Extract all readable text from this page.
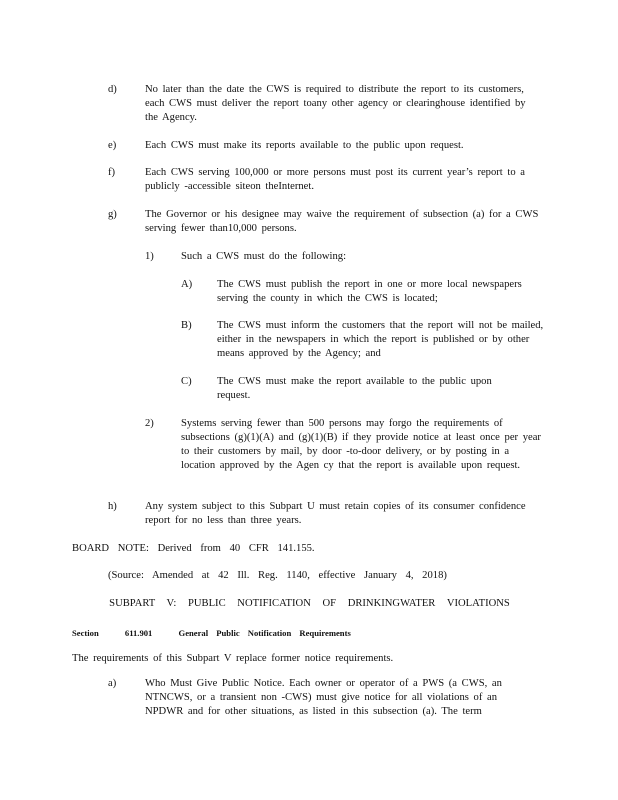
d)	No later than the date the CWS is required to distribute the report to its customers, each CWS must deliver the report toany other agency or clearinghouse identified by the Agency.
e)	Each CWS must make its reports available to the public upon request.
f)	Each CWS serving 100,000 or more persons must post its current year’s report to a publicly -accessible siteon theInternet.
g)	The Governor or his designee may waive the requirement of subsection (a) for a CWS serving fewer than10,000 persons.
1)	Such a CWS must do the following:
A) The CWS must publish the report in one or more local newspapers serving the county in which the CWS is located;
B) The CWS must inform the customers that the report will not be mailed, either in the newspapers in which the report is published or by other means approved by the Agency; and
C) The CWS must make the report available to the public upon request.
2)	Systems serving fewer than 500 persons may forgo the requirements of subsections (g)(1)(A) and (g)(1)(B) if they provide notice at least once per year to their customers by mail, by door -to-door delivery, or by posting in a location approved by the Agen cy that the report is available upon request.
h)	Any system subject to this Subpart U must retain copies of its consumer confidence report for no less than three years.
BOARD NOTE: Derived from 40 CFR 141.155.
(Source: Amended at 42 Ill. Reg. 1140, effective January 4, 2018)
SUBPART V: PUBLIC NOTIFICATION OF DRINKINGWATER VIOLATIONS
Section	611.901	General Public Notification Requirements
The requirements of this Subpart V replace former notice requirements.
a)	Who Must Give Public Notice. Each owner or operator of a PWS (a CWS, an NTNCWS, or a transient non -CWS) must give notice for all violations of an NPDWR and for other situations, as listed in this subsection (a). The term
